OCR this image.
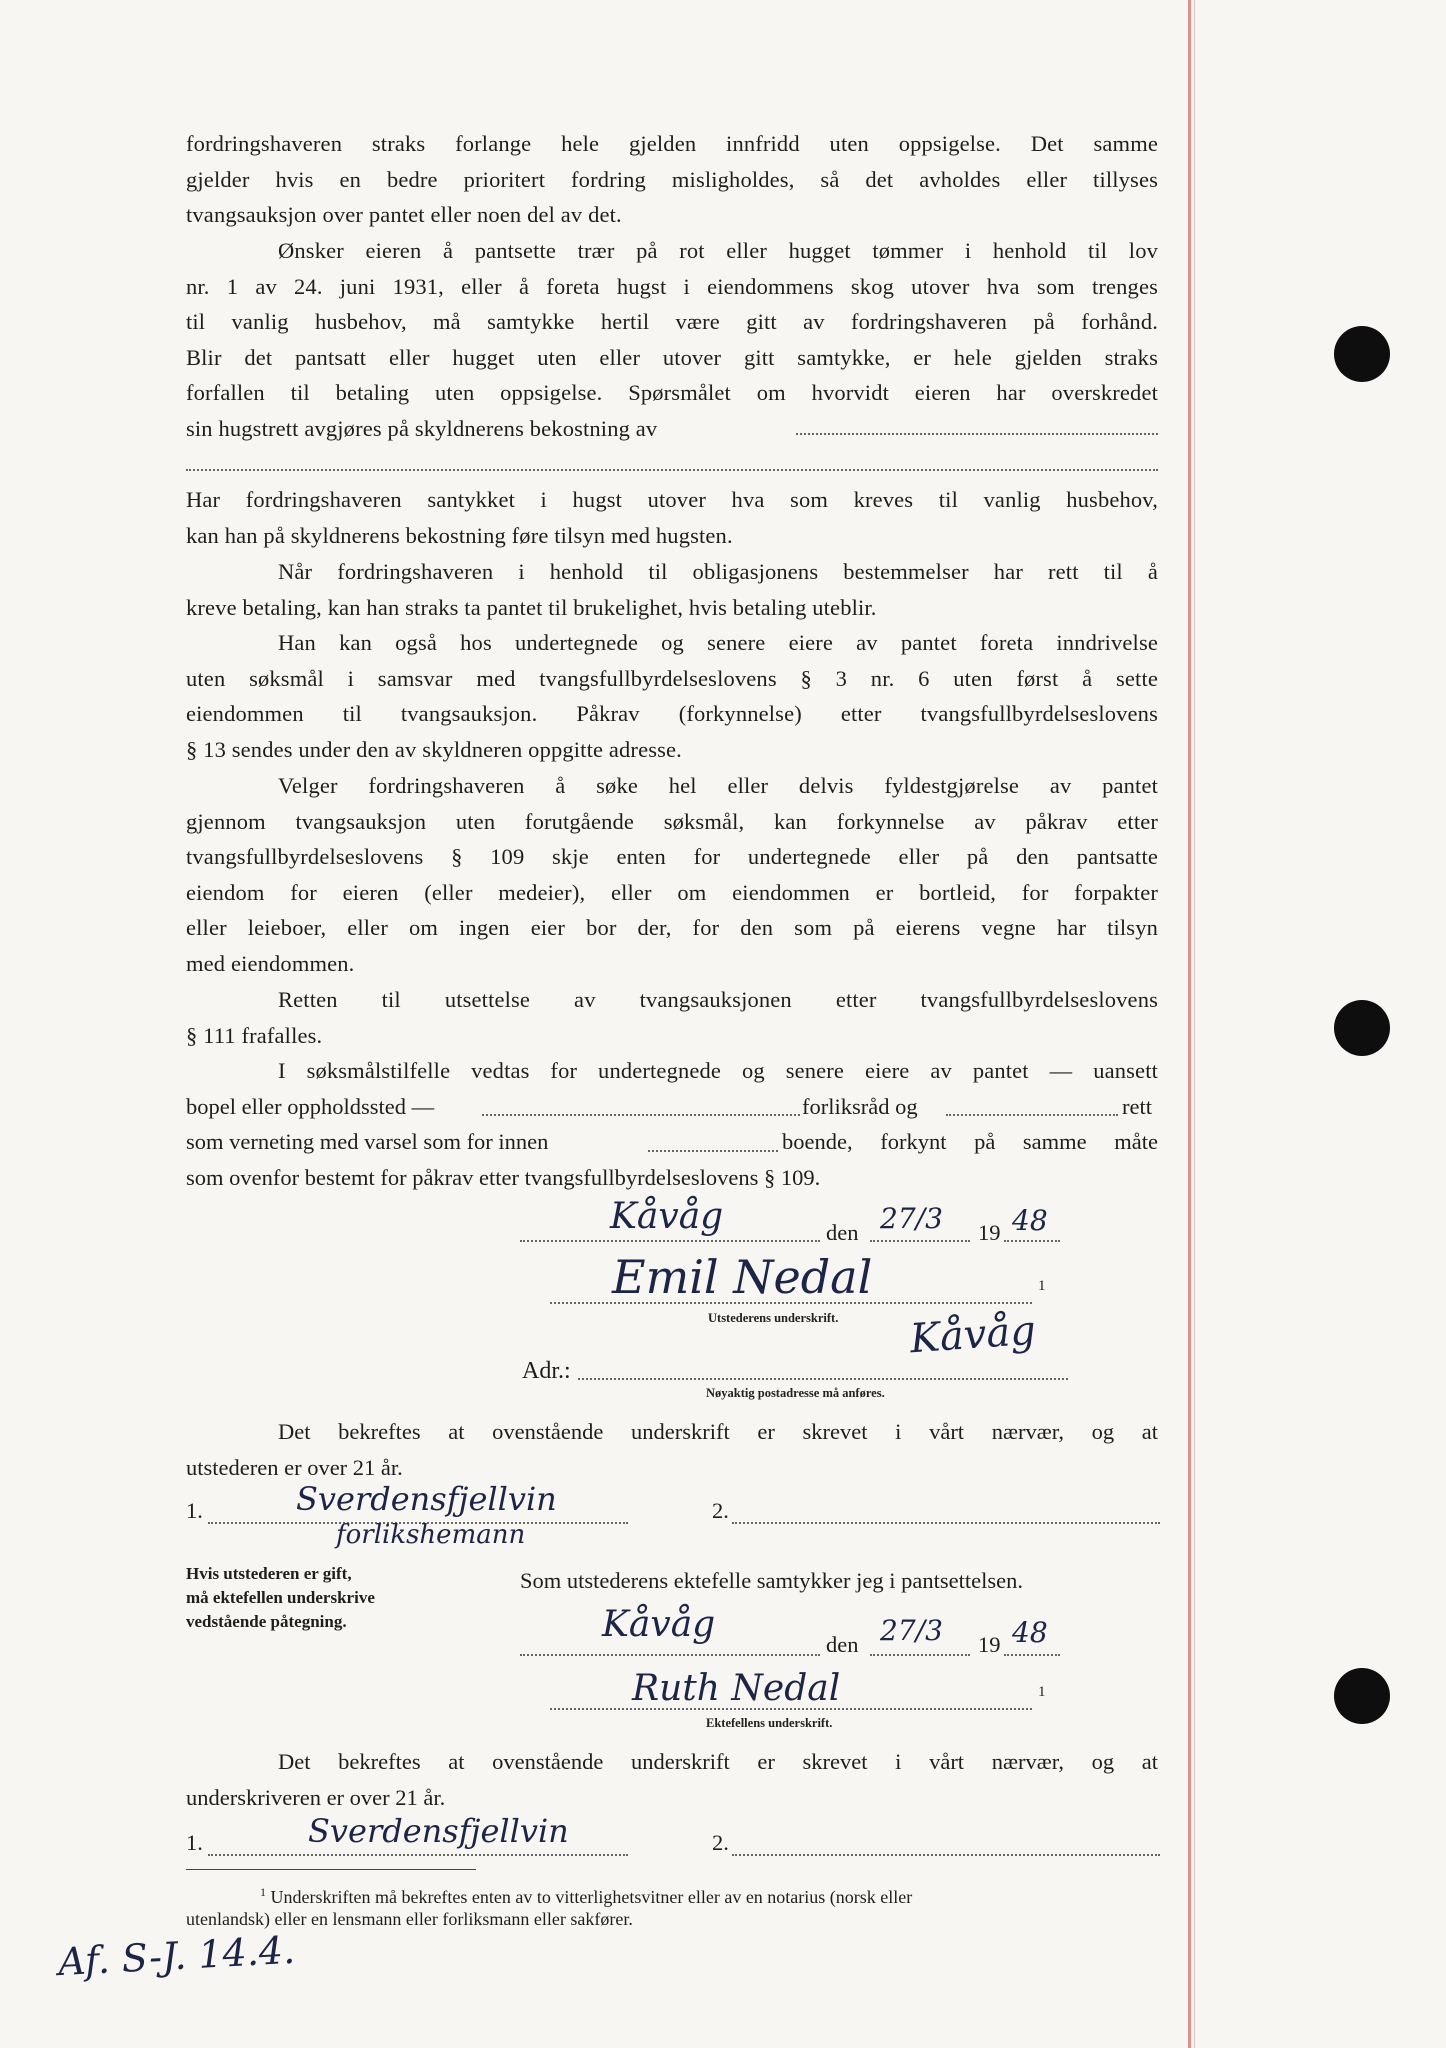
fordringshaveren straks forlange hele gjelden innfridd uten oppsigelse. Det samme
gjelder hvis en bedre prioritert fordring misligholdes, så det avholdes eller tillyses
tvangsauksjon over pantet eller noen del av det.
Ønsker eieren å pantsette trær på rot eller hugget tømmer i henhold til lov
nr. 1 av 24. juni 1931, eller å foreta hugst i eiendommens skog utover hva som trenges
til vanlig husbehov, må samtykke hertil være gitt av fordringshaveren på forhånd.
Blir det pantsatt eller hugget uten eller utover gitt samtykke, er hele gjelden straks
forfallen til betaling uten oppsigelse. Spørsmålet om hvorvidt eieren har overskredet
sin hugstrett avgjøres på skyldnerens bekostning av
Har fordringshaveren santykket i hugst utover hva som kreves til vanlig husbehov,
kan han på skyldnerens bekostning føre tilsyn med hugsten.
Når fordringshaveren i henhold til obligasjonens bestemmelser har rett til å
kreve betaling, kan han straks ta pantet til brukelighet, hvis betaling uteblir.
Han kan også hos undertegnede og senere eiere av pantet foreta inndrivelse
uten søksmål i samsvar med tvangsfullbyrdelseslovens § 3 nr. 6 uten først å sette
eiendommen til tvangsauksjon. Påkrav (forkynnelse) etter tvangsfullbyrdelseslovens
§ 13 sendes under den av skyldneren oppgitte adresse.
Velger fordringshaveren å søke hel eller delvis fyldestgjørelse av pantet
gjennom tvangsauksjon uten forutgående søksmål, kan forkynnelse av påkrav etter
tvangsfullbyrdelseslovens § 109 skje enten for undertegnede eller på den pantsatte
eiendom for eieren (eller medeier), eller om eiendommen er bortleid, for forpakter
eller leieboer, eller om ingen eier bor der, for den som på eierens vegne har tilsyn
med eiendommen.
Retten til utsettelse av tvangsauksjonen etter tvangsfullbyrdelseslovens
§ 111 frafalles.
I søksmålstilfelle vedtas for undertegnede og senere eiere av pantet — uansett
bopel eller oppholdssted —	forliksråd og	rett
som verneting med varsel som for innen	boende, forkynt på samme måte
som ovenfor bestemt for påkrav etter tvangsfullbyrdelseslovens § 109.
Kåvåg	den 27/3 19 48
Emil Nedal	1
Utstederens underskrift.
Adr.:
Kåvåg
Nøyaktig postadresse må anføres.
Det bekreftes at ovenstående underskrift er skrevet i vårt nærvær, og at
utstederen er over 21 år.
1.	Sverdensfjellvin
forlikshemann
2.
Hvis utstederen er gift,
må ektefellen underskrive
vedstående påtegning.
Som utstederens ektefelle samtykker jeg i pantsettelsen.
Kåvåg	den 27/3 19 48
Ruth Nedal	1
Ektefellens underskrift.
Det bekreftes at ovenstående underskrift er skrevet i vårt nærvær, og at
underskriveren er over 21 år.
1.	Sverdensfjellvin	2.
$^1$ Underskriften må bekreftes enten av to vitterlighetsvitner eller av en notarius (norsk eller
utenlandsk) eller en lensmann eller forliksmann eller sakfører.
Af. S-J. 14.4.
